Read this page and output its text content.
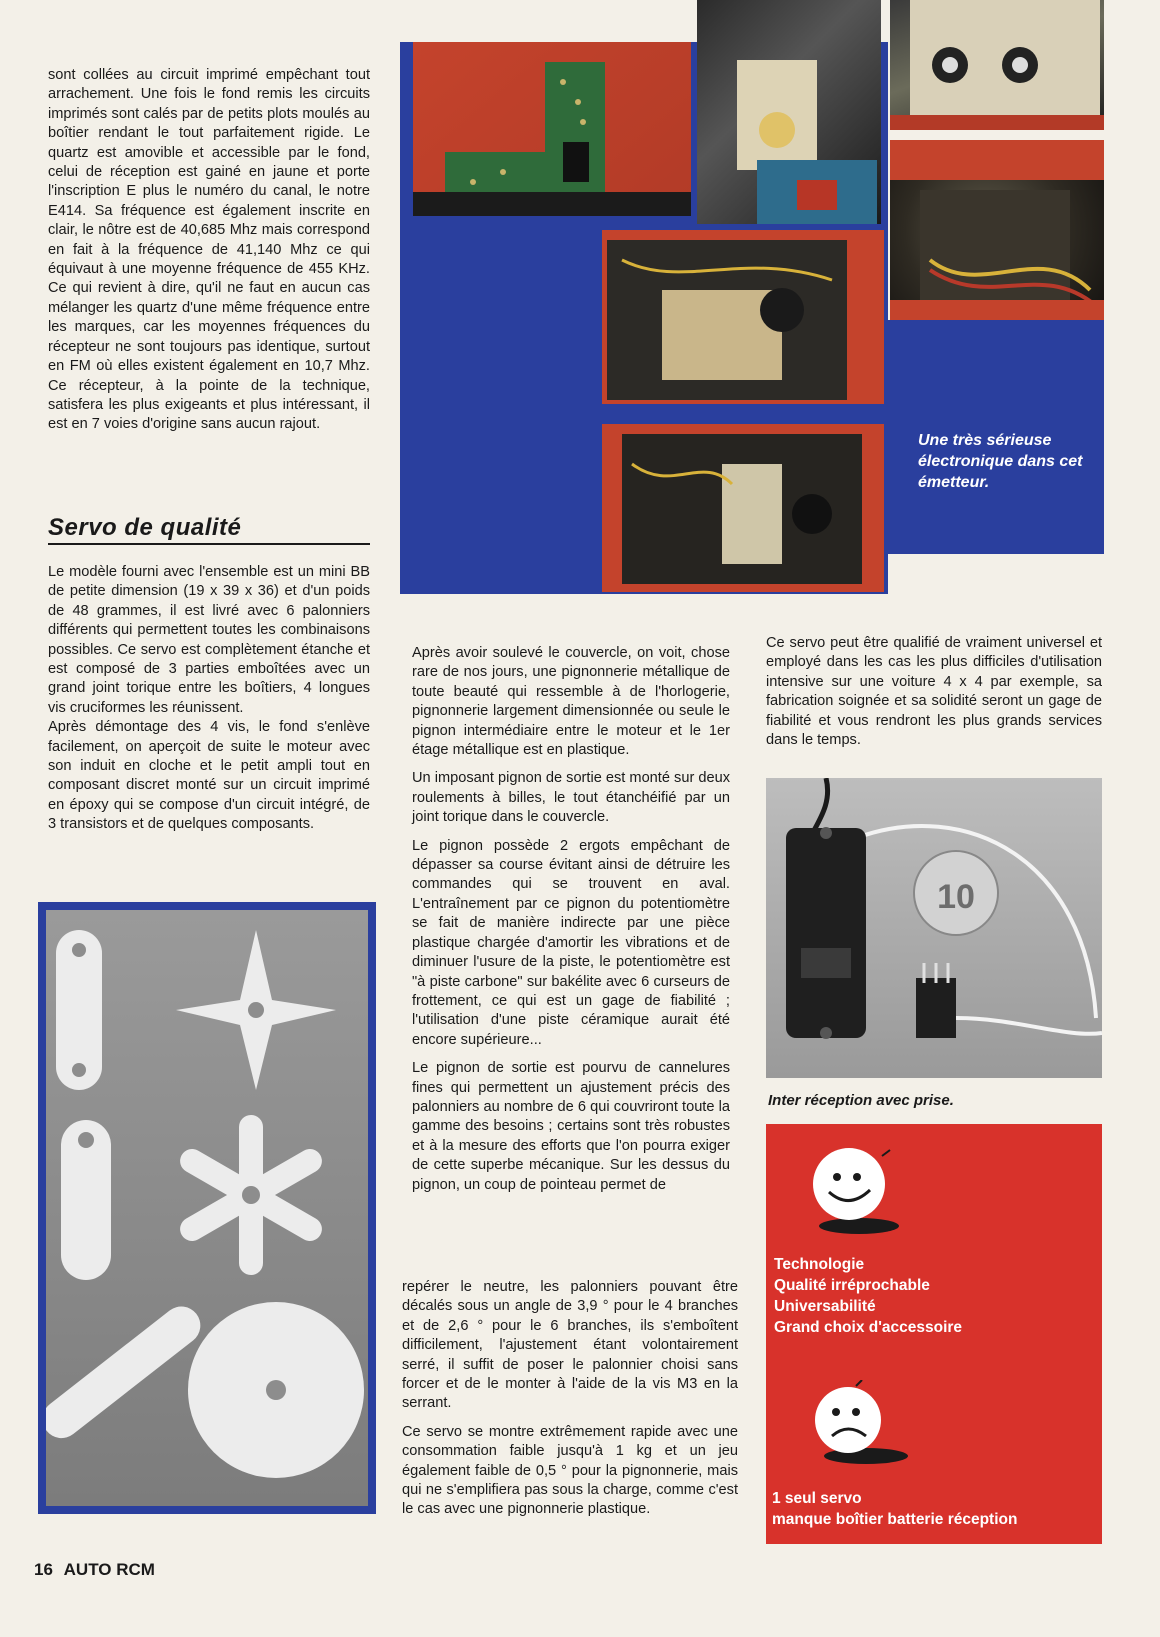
Une très sérieuse électronique dans cet émetteur.

sont collées au circuit imprimé empêchant tout arrachement. Une fois le fond remis les circuits imprimés sont calés par de petits plots moulés au boîtier rendant le tout parfaitement rigide. Le quartz est amovible et accessible par le fond, celui de réception est gainé en jaune et porte l'inscription E plus le numéro du canal, le notre E414. Sa fréquence est également inscrite en clair, le nôtre est de 40,685 Mhz mais correspond en fait à la fréquence de 41,140 Mhz ce qui équivaut à une moyenne fréquence de 455 KHz. Ce qui revient à dire, qu'il ne faut en aucun cas mélanger les quartz d'une même fréquence entre les marques, car les moyennes fréquences du récepteur ne sont toujours pas identique, surtout en FM où elles existent également en 10,7 Mhz. Ce récepteur, à la pointe de la technique, satisfera les plus exigeants et plus intéressant, il est en 7 voies d'origine sans aucun rajout.

Servo de qualité

Le modèle fourni avec l'ensemble est un mini BB de petite dimension (19 x 39 x 36) et d'un poids de 48 grammes, il est livré avec 6 palonniers différents qui permettent toutes les combinaisons possibles. Ce servo est complètement étanche et est composé de 3 parties emboîtées avec un grand joint torique entre les boîtiers, 4 longues vis cruciformes les réunissent.

Après démontage des 4 vis, le fond s'enlève facilement, on aperçoit de suite le moteur avec son induit en cloche et le petit ampli tout en composant discret monté sur un circuit imprimé en époxy qui se compose d'un circuit intégré, de 3 transistors et de quelques composants.

Après avoir soulevé le couvercle, on voit, chose rare de nos jours, une pignonnerie métallique de toute beauté qui ressemble à de l'horlogerie, pignonnerie largement dimensionnée ou seule le pignon intermédiaire entre le moteur et le 1er étage métallique est en plastique.

Un imposant pignon de sortie est monté sur deux roulements à billes, le tout étanchéifié par un joint torique dans le couvercle.

Le pignon possède 2 ergots empêchant de dépasser sa course évitant ainsi de détruire les commandes qui se trouvent en aval. L'entraînement par ce pignon du potentiomètre se fait de manière indirecte par une pièce plastique chargée d'amortir les vibrations et de diminuer l'usure de la piste, le potentiomètre est "à piste carbone" sur bakélite avec 6 curseurs de frottement, ce qui est un gage de fiabilité ; l'utilisation d'une piste céramique aurait été encore supérieure...

Le pignon de sortie est pourvu de cannelures fines qui permettent un ajustement précis des palonniers au nombre de 6 qui couvriront toute la gamme des besoins ; certains sont très robustes et à la mesure des efforts que l'on pourra exiger de cette superbe mécanique. Sur les dessus du pignon, un coup de pointeau permet de

repérer le neutre, les palonniers pouvant être décalés sous un angle de 3,9 ° pour le 4 branches et de 2,6 ° pour le 6 branches, ils s'emboîtent difficilement, l'ajustement étant volontairement serré, il suffit de poser le palonnier choisi sans forcer et de le monter à l'aide de la vis M3 en la serrant.

Ce servo se montre extrêmement rapide avec une consommation faible jusqu'à 1 kg et un jeu également faible de 0,5 ° pour la pignonnerie, mais qui ne s'emplifiera pas sous la charge, comme c'est le cas avec une pignonnerie plastique.

Ce servo peut être qualifié de vraiment universel et employé dans les cas les plus difficiles d'utilisation intensive sur une voiture 4 x 4 par exemple, sa fabrication soignée et sa solidité seront un gage de fiabilité et vous rendront les plus grands services dans le temps.

10
Inter réception avec prise.
Technologie
Qualité irréprochable
Universabilité
Grand choix d'accessoire
1 seul servo
manque boîtier batterie réception
16 AUTO RCM
